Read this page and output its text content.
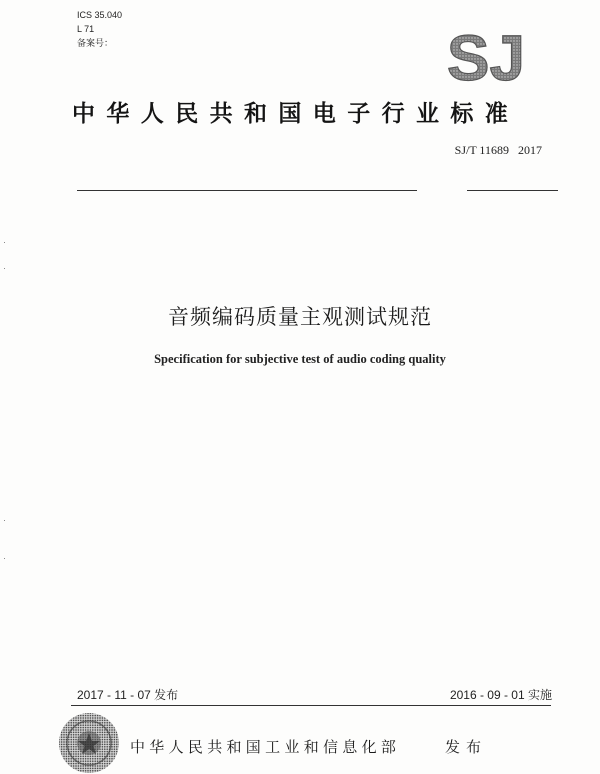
ICS 35.040
L 71
备案号：	SJ
中华人民共和国电子行业标准
SJ/T 11689   2017
音频编码质量主观测试规范
Specification for subjective test of audio coding quality
2017 - 11 - 07 发布	2016 - 09 - 01 实施
中华人民共和国工业和信息化部	发布
